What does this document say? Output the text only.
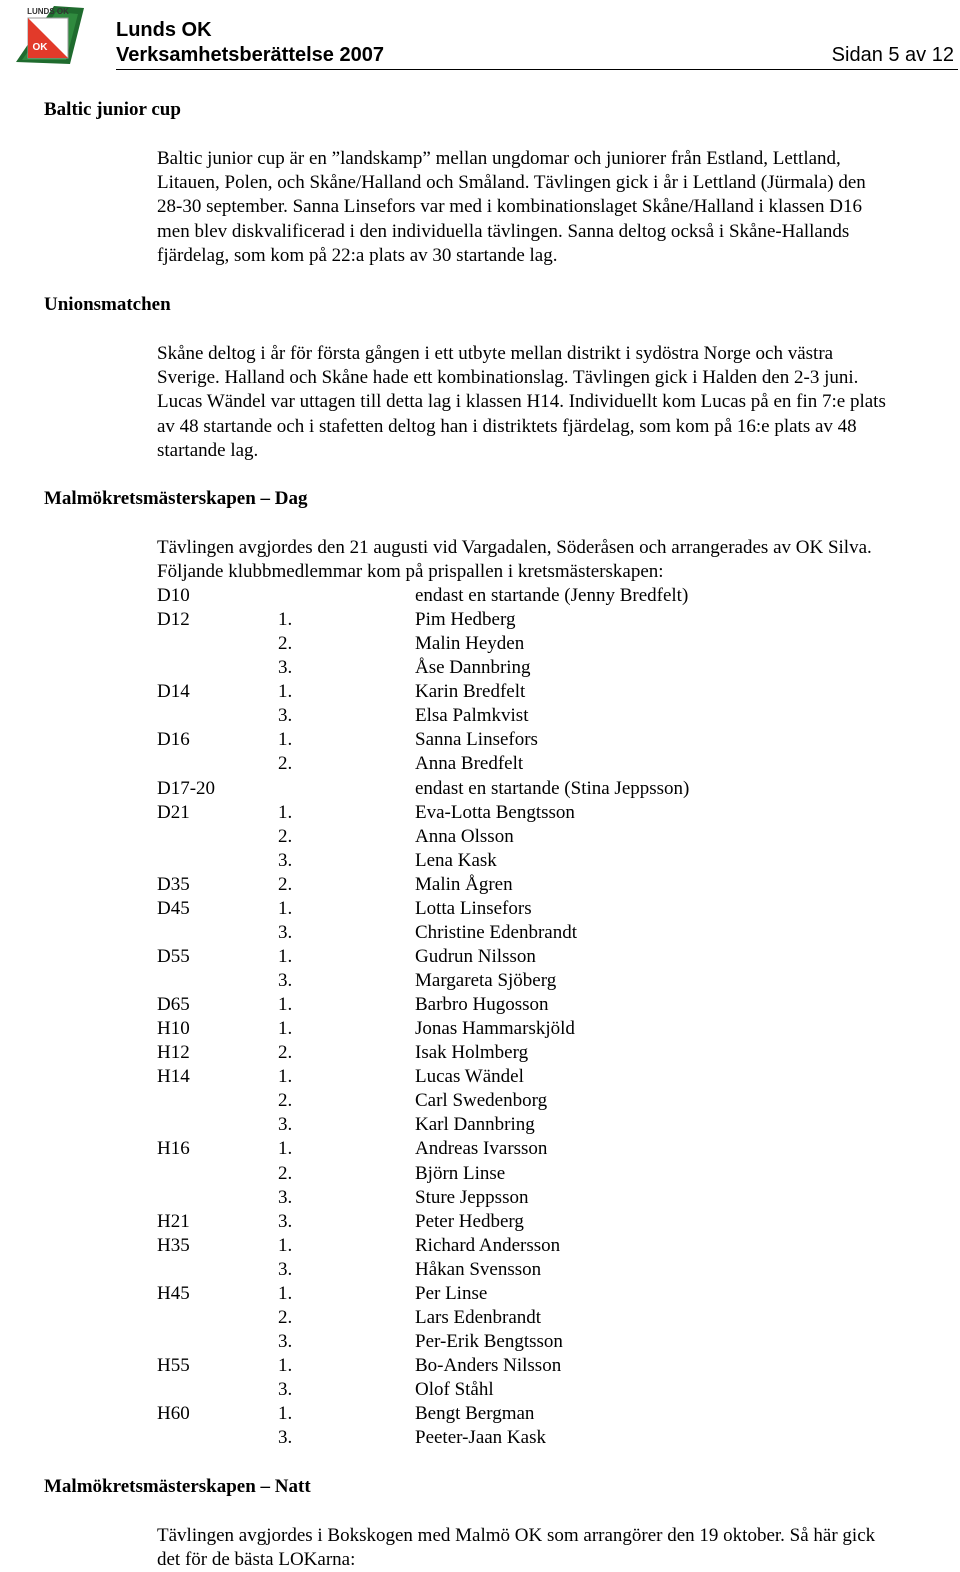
LUNDS OK
OK
Lunds OK
Verksamhetsberättelse 2007	Sidan 5 av 12
Baltic junior cup
Baltic junior cup är en ”landskamp” mellan ungdomar och juniorer från Estland, Lettland,
Litauen, Polen, och Skåne/Halland och Småland. Tävlingen gick i år i Lettland (Jürmala) den
28-30 september. Sanna Linsefors var med i kombinationslaget Skåne/Halland i klassen D16
men blev diskvalificerad i den individuella tävlingen. Sanna deltog också i Skåne-Hallands
fjärdelag, som kom på 22:a plats av 30 startande lag.
Unionsmatchen
Skåne deltog i år för första gången i ett utbyte mellan distrikt i sydöstra Norge och västra
Sverige. Halland och Skåne hade ett kombinationslag. Tävlingen gick i Halden den 2-3 juni.
Lucas Wändel var uttagen till detta lag i klassen H14. Individuellt kom Lucas på en fin 7:e plats
av 48 startande och i stafetten deltog han i distriktets fjärdelag, som kom på 16:e plats av 48
startande lag.
Malmökretsmästerskapen – Dag
Tävlingen avgjordes den 21 augusti vid Vargadalen, Söderåsen och arrangerades av OK Silva.
Följande klubbmedlemmar kom på prispallen i kretsmästerskapen:
D10	endast en startande (Jenny Bredfelt)
D12	1.	Pim Hedberg
2.	Malin Heyden
3.	Åse Dannbring
D14	1.	Karin Bredfelt
3.	Elsa Palmkvist
D16	1.	Sanna Linsefors
2.	Anna Bredfelt
D17-20	endast en startande (Stina Jeppsson)
D21	1.	Eva-Lotta Bengtsson
2.	Anna Olsson
3.	Lena Kask
D35	2.	Malin Ågren
D45	1.	Lotta Linsefors
3.	Christine Edenbrandt
D55	1.	Gudrun Nilsson
3.	Margareta Sjöberg
D65	1.	Barbro Hugosson
H10	1.	Jonas Hammarskjöld
H12	2.	Isak Holmberg
H14	1.	Lucas Wändel
2.	Carl Swedenborg
3.	Karl Dannbring
H16	1.	Andreas Ivarsson
2.	Björn Linse
3.	Sture Jeppsson
H21	3.	Peter Hedberg
H35	1.	Richard Andersson
3.	Håkan Svensson
H45	1.	Per Linse
2.	Lars Edenbrandt
3.	Per-Erik Bengtsson
H55	1.	Bo-Anders Nilsson
3.	Olof Ståhl
H60	1.	Bengt Bergman
3.	Peeter-Jaan Kask
Malmökretsmästerskapen – Natt
Tävlingen avgjordes i Bokskogen med Malmö OK som arrangörer den 19 oktober. Så här gick
det för de bästa LOKarna:
